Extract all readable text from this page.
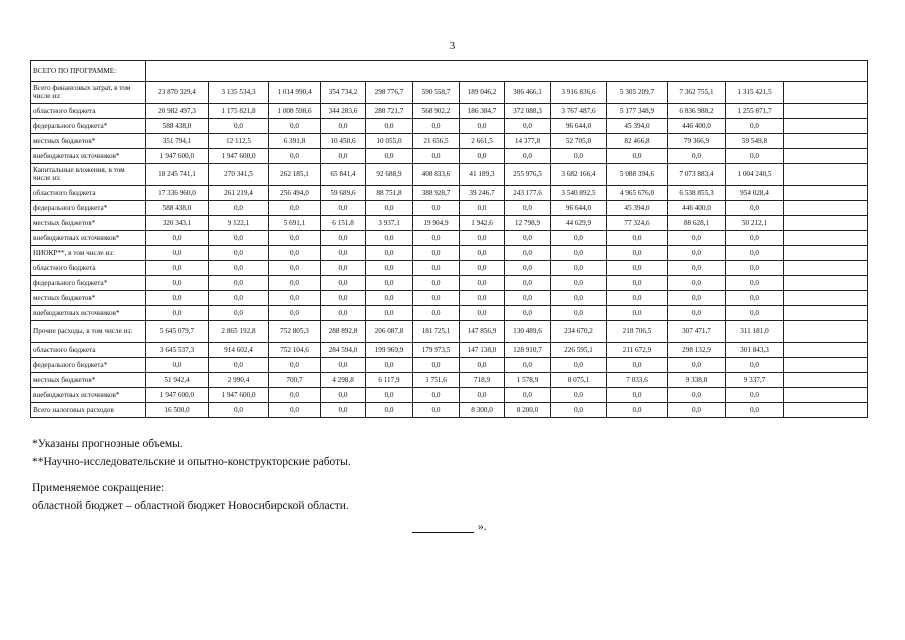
3
ВСЕГО ПО ПРОГРАММЕ:													
Всего финансовых затрат, в том числе из:	23 870 329,4	3 135 534,3	1 014 990,4	354 734,2	298 776,7	590 558,7	189 046,2	386 466,1	3 916 836,6	5 305 209,7	7 362 755,1	1 315 421,5	
областного бюджета	20 982 497,3	1 175 821,8	1 008 598,6	344 283,6	288 721,7	568 902,2	186 384,7	372 088,3	3 767 487,6	5 177 348,9	6 836 988,2	1 255 871,7	
федерального бюджета*	588 438,0	0,0	0,0	0,0	0,0	0,0	0,0	0,0	96 644,0	45 394,0	446 400,0	0,0	
местных бюджетов*	351 794,1	12 112,5	6 391,8	10 450,6	10 055,0	21 656,5	2 661,5	14 377,8	52 705,0	82 466,8	79 366,9	59 549,8	
внебюджетных источников*	1 947 600,0	1 947 600,0	0,0	0,0	0,0	0,0	0,0	0,0	0,0	0,0	0,0	0,0	
Капитальные вложения, в том числе из:	18 245 741,1	270 341,5	262 185,1	65 841,4	92 688,9	408 833,6	41 189,3	255 976,5	3 682 166,4	5 088 394,6	7 073 883,4	1 004 240,5	
областного бюджета	17 336 960,0	261 219,4	256 494,0	59 689,6	88 751,8	388 928,7	39 246,7	243 177,6	3 540 892,5	4 965 676,0	6 538 855,3	954 028,4	
федерального бюджета*	588 438,0	0,0	0,0	0,0	0,0	0,0	0,0	0,0	96 644,0	45 394,0	446 400,0	0,0	
местных бюджетов*	320 343,1	9 122,1	5 691,1	6 151,8	3 937,1	19 904,9	1 942,6	12 798,9	44 629,9	77 324,6	88 628,1	50 212,1	
внебюджетных источников*	0,0	0,0	0,0	0,0	0,0	0,0	0,0	0,0	0,0	0,0	0,0	0,0	
НИОКР**, в том числе из:	0,0	0,0	0,0	0,0	0,0	0,0	0,0	0,0	0,0	0,0	0,0	0,0	
областного бюджета	0,0	0,0	0,0	0,0	0,0	0,0	0,0	0,0	0,0	0,0	0,0	0,0	
федерального бюджета*	0,0	0,0	0,0	0,0	0,0	0,0	0,0	0,0	0,0	0,0	0,0	0,0	
местных бюджетов*	0,0	0,0	0,0	0,0	0,0	0,0	0,0	0,0	0,0	0,0	0,0	0,0	
внебюджетных источников*	0,0	0,0	0,0	0,0	0,0	0,0	0,0	0,0	0,0	0,0	0,0	0,0	
Прочие расходы, в том числе из:	5 645 079,7	2 865 192,8	752 805,3	288 892,8	206 087,8	181 725,1	147 856,9	130 489,6	234 670,2	218 706,5	307 471,7	311 181,0	
областного бюджета	3 645 537,3	914 602,4	752 104,6	284 594,0	199 969,9	179 973,5	147 138,0	128 910,7	226 595,1	211 672,9	298 132,9	301 843,3	
федерального бюджета*	0,0	0,0	0,0	0,0	0,0	0,0	0,0	0,0	0,0	0,0	0,0	0,0	
местных бюджетов*	51 942,4	2 990,4	700,7	4 298,8	6 117,9	1 751,6	718,9	1 578,9	8 075,1	7 033,6	9 338,8	9 337,7	
внебюджетных источников*	1 947 600,0	1 947 600,0	0,0	0,0	0,0	0,0	0,0	0,0	0,0	0,0	0,0	0,0	
Всего налоговых расходов	16 500,0	0,0	0,0	0,0	0,0	0,0	8 300,0	8 200,0	0,0	0,0	0,0	0,0	
*Указаны прогнозные объемы.
**Научно-исследовательские и опытно-конструкторские работы.
Применяемое сокращение:
областной бюджет – областной бюджет Новосибирской области.
».
